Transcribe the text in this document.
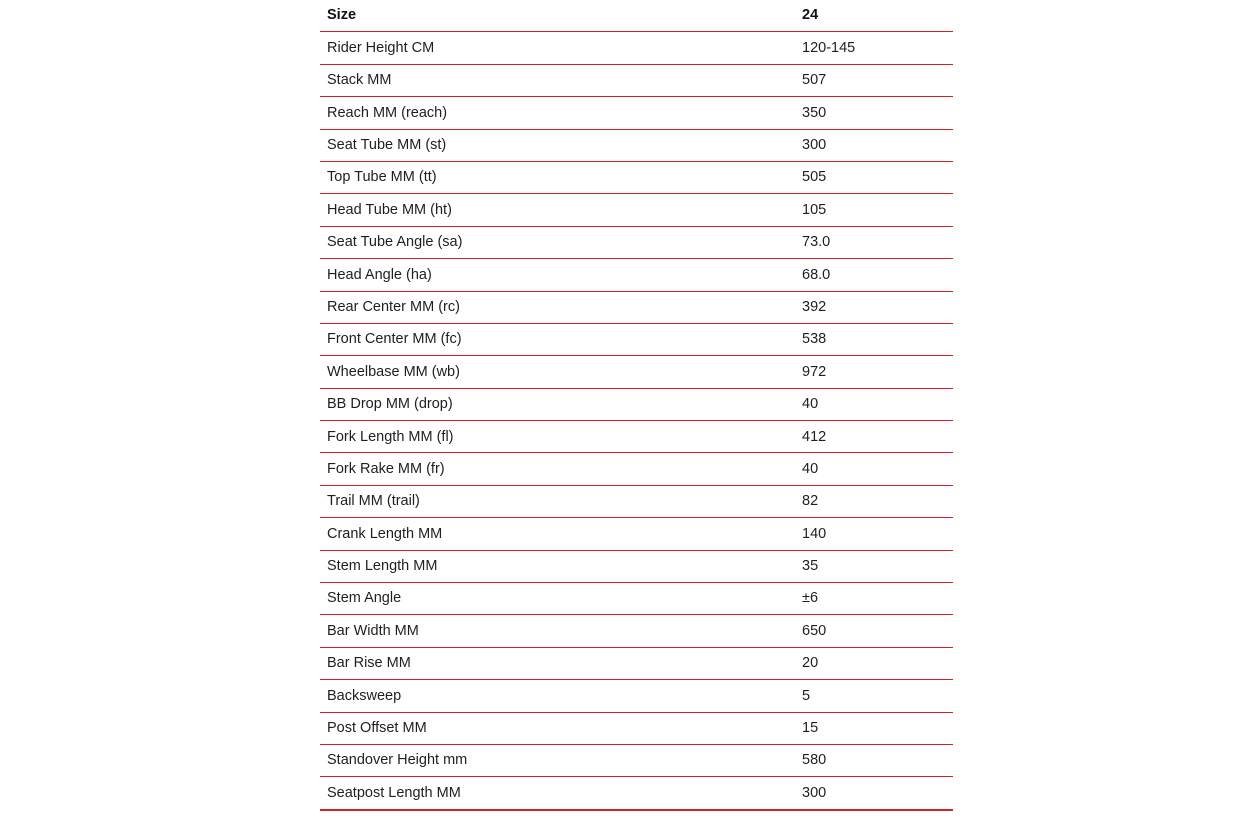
Size	24
Rider Height CM	120-145
Stack MM	507
Reach MM (reach)	350
Seat Tube MM (st)	300
Top Tube MM (tt)	505
Head Tube MM (ht)	105
Seat Tube Angle (sa)	73.0
Head Angle (ha)	68.0
Rear Center MM (rc)	392
Front Center MM (fc)	538
Wheelbase MM (wb)	972
BB Drop MM (drop)	40
Fork Length MM (fl)	412
Fork Rake MM (fr)	40
Trail MM (trail)	82
Crank Length MM	140
Stem Length MM	35
Stem Angle	±6
Bar Width MM	650
Bar Rise MM	20
Backsweep	5
Post Offset MM	15
Standover Height mm	580
Seatpost Length MM	300
